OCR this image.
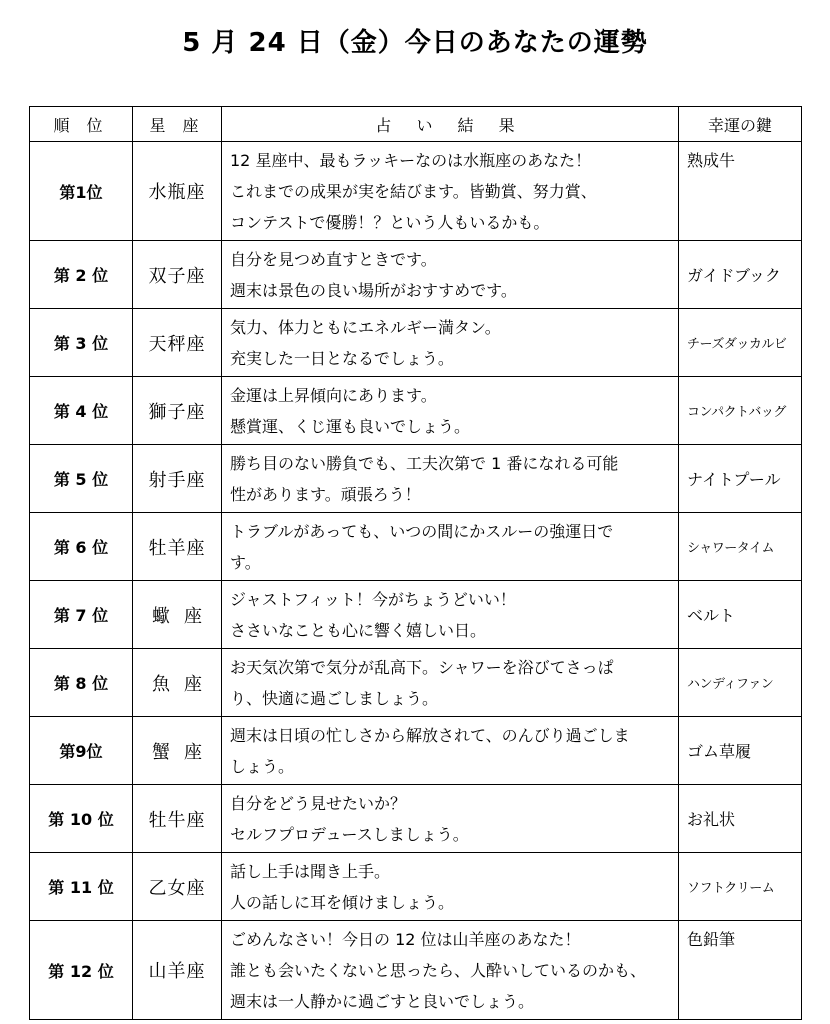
5 月 24 日（金）今日のあなたの運勢
順 位	星 座	占 い 結 果	幸運の鍵
第1位	水瓶座	12 星座中、最もラッキーなのは水瓶座のあなた！
これまでの成果が実を結びます。皆勤賞、努力賞、
コンテストで優勝！？という人もいるかも。	熟成牛
第 2 位	双子座	自分を見つめ直すときです。
週末は景色の良い場所がおすすめです。	ガイドブック
第 3 位	天秤座	気力、体力ともにエネルギー満タン。
充実した一日となるでしょう。	チーズダッカルビ
第 4 位	獅子座	金運は上昇傾向にあります。
懸賞運、くじ運も良いでしょう。	コンパクトバッグ
第 5 位	射手座	勝ち目のない勝負でも、工夫次第で 1 番になれる可能
性があります。頑張ろう！	ナイトプール
第 6 位	牡羊座	トラブルがあっても、いつの間にかスルーの強運日で
す。	シャワータイム
第 7 位	蠍座	ジャストフィット！今がちょうどいい！
ささいなことも心に響く嬉しい日。	ベルト
第 8 位	魚座	お天気次第で気分が乱高下。シャワーを浴びてさっぱ
り、快適に過ごしましょう。	ハンディファン
第9位	蟹座	週末は日頃の忙しさから解放されて、のんびり過ごしま
しょう。	ゴム草履
第 10 位	牡牛座	自分をどう見せたいか？
セルフプロデュースしましょう。	お礼状
第 11 位	乙女座	話し上手は聞き上手。
人の話しに耳を傾けましょう。	ソフトクリーム
第 12 位	山羊座	ごめんなさい！今日の 12 位は山羊座のあなた！
誰とも会いたくないと思ったら、人酔いしているのかも、
週末は一人静かに過ごすと良いでしょう。	色鉛筆
